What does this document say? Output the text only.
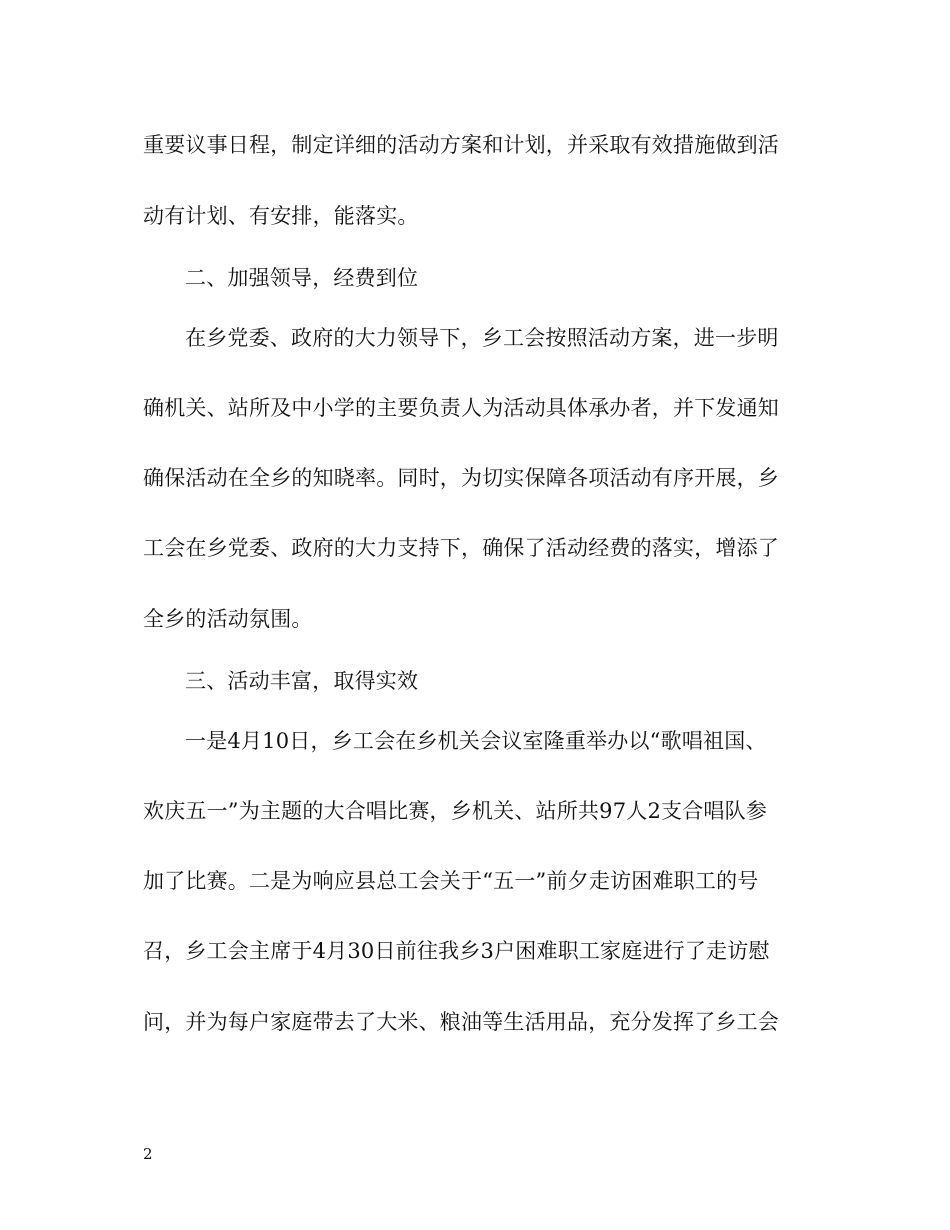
重要议事日程，制定详细的活动方案和计划，并采取有效措施做到活
动有计划、有安排，能落实。
二、加强领导，经费到位
在乡党委、政府的大力领导下，乡工会按照活动方案，进一步明
确机关、站所及中小学的主要负责人为活动具体承办者，并下发通知
确保活动在全乡的知晓率。同时，为切实保障各项活动有序开展，乡
工会在乡党委、政府的大力支持下，确保了活动经费的落实，增添了
全乡的活动氛围。
三、活动丰富，取得实效
一是4月10日，乡工会在乡机关会议室隆重举办以“歌唱祖国、
欢庆五一”为主题的大合唱比赛，乡机关、站所共97人2支合唱队参
加了比赛。二是为响应县总工会关于“五一”前夕走访困难职工的号
召，乡工会主席于4月30日前往我乡3户困难职工家庭进行了走访慰
问，并为每户家庭带去了大米、粮油等生活用品，充分发挥了乡工会
2
